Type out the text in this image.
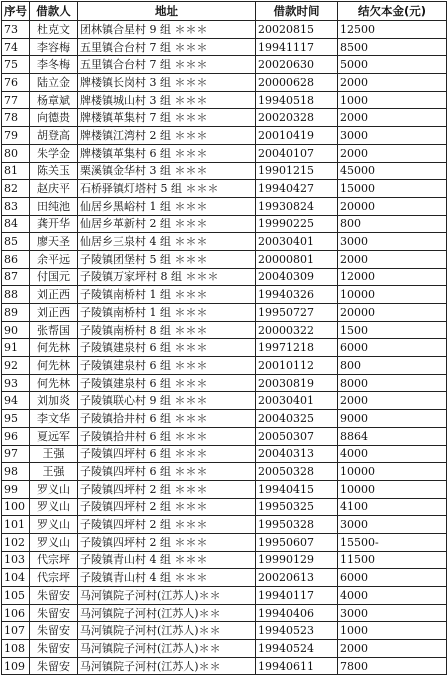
序号	借款人	地址	借款时间	结欠本金(元)
73	杜克文	团林镇合星村 9 组 ＊＊＊	20020815	12500
74	李容梅	五里镇合台村 7 组 ＊＊＊	19941117	8500
75	李冬梅	五里镇合台村 7 组 ＊＊＊	20020630	5000
76	陆立金	牌楼镇长岗村 3 组 ＊＊＊	20000628	2000
77	杨章斌	牌楼镇城山村 3 组 ＊＊＊	19940518	1000
78	向德贵	牌楼镇革集村 7 组 ＊＊＊	20020328	2000
79	胡登高	牌楼镇江湾村 2 组 ＊＊＊	20010419	3000
80	朱学金	牌楼镇革集村 6 组 ＊＊＊	20040107	2000
81	陈关玉	栗溪镇金华村 3 组 ＊＊＊	19901215	45000
82	赵庆平	石桥驿镇灯塔村 5 组 ＊＊＊	19940427	15000
83	田纯池	仙居乡黑峪村 1 组 ＊＊＊	19930824	20000
84	龚开华	仙居乡革新村 2 组 ＊＊＊	19990225	800
85	廖天圣	仙居乡三泉村 4 组 ＊＊＊	20030401	3000
86	余平远	子陵镇团堡村 5 组 ＊＊＊	20000801	2000
87	付国元	子陵镇万家坪村 8 组 ＊＊＊	20040309	12000
88	刘正西	子陵镇南桥村 1 组 ＊＊＊	19940326	10000
89	刘正西	子陵镇南桥村 1 组 ＊＊＊	19950727	20000
90	张帮国	子陵镇南桥村 8 组 ＊＊＊	20000322	1500
91	何先林	子陵镇建泉村 6 组 ＊＊＊	19971218	6000
92	何先林	子陵镇建泉村 6 组 ＊＊＊	20010112	800
93	何先林	子陵镇建泉村 6 组 ＊＊＊	20030819	8000
94	刘加炎	子陵镇联心村 9 组 ＊＊＊	20030401	2000
95	李文华	子陵镇拾井村 6 组 ＊＊＊	20040325	9000
96	夏远军	子陵镇拾井村 6 组 ＊＊＊	20050307	8864
97	王强	子陵镇四坪村 6 组 ＊＊＊	20040313	4000
98	王强	子陵镇四坪村 6 组 ＊＊＊	20050328	10000
99	罗义山	子陵镇四坪村 2 组 ＊＊＊	19940415	10000
100	罗义山	子陵镇四坪村 2 组 ＊＊＊	19950325	4100
101	罗义山	子陵镇四坪村 2 组 ＊＊＊	19950328	3000
102	罗义山	子陵镇四坪村 2 组 ＊＊＊	19950607	15500-
103	代宗坪	子陵镇青山村 4 组 ＊＊＊	19990129	11500
104	代宗坪	子陵镇青山村 4 组 ＊＊＊	20020613	6000
105	朱留安	马河镇院子河村(江苏人)＊＊	19940117	4000
106	朱留安	马河镇院子河村(江苏人)＊＊	19940406	3000
107	朱留安	马河镇院子河村(江苏人)＊＊	19940523	1000
108	朱留安	马河镇院子河村(江苏人)＊＊	19940524	2000
109	朱留安	马河镇院子河村(江苏人)＊＊	19940611	7800
